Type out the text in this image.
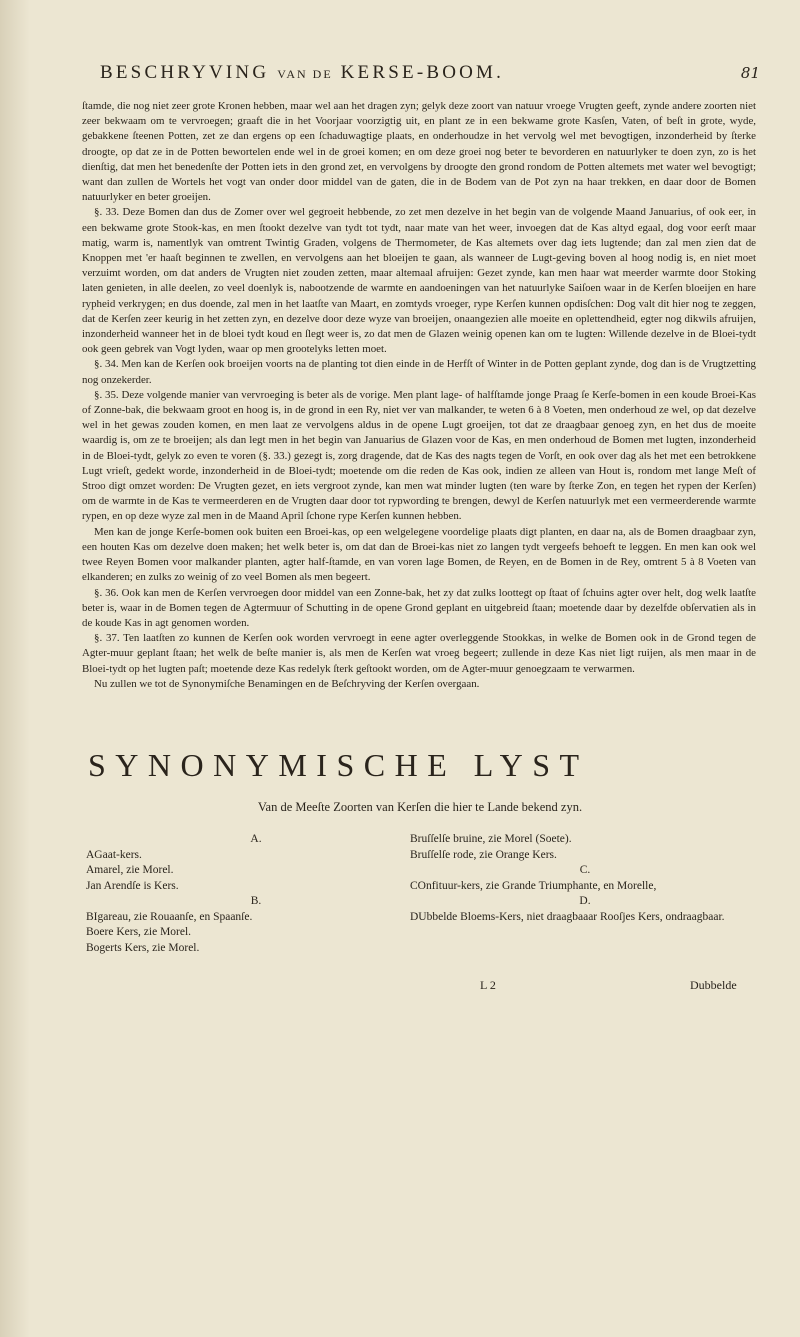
BESCHRYVING VAN DE KERSE-BOOM.	81

ſtamde, die nog niet zeer grote Kronen hebben, maar wel aan het dragen zyn; gelyk deze zoort van natuur vroege Vrugten geeft, zynde andere zoorten niet zeer bekwaam om te vervroegen; graaft die in het Voorjaar voorzigtig uit, en plant ze in een bekwame grote Kasſen, Vaten, of beſt in grote, wyde, gebakkene ſteenen Potten, zet ze dan ergens op een ſchaduwagtige plaats, en onderhoudze in het vervolg wel met bevogtigen, inzonderheid by ſterke droogte, op dat ze in de Potten bewortelen ende wel in de groei komen; en om deze groei nog beter te bevorderen en natuurlyker te doen zyn, zo is het dienſtig, dat men het benedenſte der Potten iets in den grond zet, en vervolgens by droogte den grond rondom de Potten altemets met water wel bevogtigt; want dan zullen de Wortels het vogt van onder door middel van de gaten, die in de Bodem van de Pot zyn na haar trekken, en daar door de Bomen natuurlyker en beter groeijen.

§. 33. Deze Bomen dan dus de Zomer over wel gegroeit hebbende, zo zet men dezelve in het begin van de volgende Maand Januarius, of ook eer, in een bekwame grote Stook-kas, en men ſtookt dezelve van tydt tot tydt, naar mate van het weer, invoegen dat de Kas altyd egaal, dog voor eerſt maar matig, warm is, namentlyk van omtrent Twintig Graden, volgens de Thermometer, de Kas altemets over dag iets lugtende; dan zal men zien dat de Knoppen met 'er haaſt beginnen te zwellen, en vervolgens aan het bloeijen te gaan, als wanneer de Lugt-geving boven al hoog nodig is, en niet moet verzuimt worden, om dat anders de Vrugten niet zouden zetten, maar altemaal afruijen: Gezet zynde, kan men haar wat meerder warmte door Stoking laten genieten, in alle deelen, zo veel doenlyk is, nabootzende de warmte en aandoeningen van het natuurlyke Saiſoen waar in de Kerſen bloeijen en hare rypheid verkrygen; en dus doende, zal men in het laatſte van Maart, en zomtyds vroeger, rype Kerſen kunnen opdisſchen: Dog valt dit hier nog te zeggen, dat de Kerſen zeer keurig in het zetten zyn, en dezelve door deze wyze van broeijen, onaangezien alle moeite en oplettendheid, egter nog dikwils afruijen, inzonderheid wanneer het in de bloei tydt koud en ſlegt weer is, zo dat men de Glazen weinig openen kan om te lugten: Willende dezelve in de Bloei-tydt ook geen gebrek van Vogt lyden, waar op men grootelyks letten moet.

§. 34. Men kan de Kerſen ook broeijen voorts na de planting tot dien einde in de Herfſt of Winter in de Potten geplant zynde, dog dan is de Vrugtzetting nog onzekerder.

§. 35. Deze volgende manier van vervroeging is beter als de vorige. Men plant lage- of halfſtamde jonge Praag ſe Kerſe-bomen in een koude Broei-Kas of Zonne-bak, die bekwaam groot en hoog is, in de grond in een Ry, niet ver van malkander, te weten 6 à 8 Voeten, men onderhoud ze wel, op dat dezelve wel in het gewas zouden komen, en men laat ze vervolgens aldus in de opene Lugt groeijen, tot dat ze draagbaar genoeg zyn, en het dus de moeite waardig is, om ze te broeijen; als dan legt men in het begin van Januarius de Glazen voor de Kas, en men onderhoud de Bomen met lugten, inzonderheid in de Bloei-tydt, gelyk zo even te voren (§. 33.) gezegt is, zorg dragende, dat de Kas des nagts tegen de Vorſt, en ook over dag als het met een betrokkene Lugt vrieſt, gedekt worde, inzonderheid in de Bloei-tydt; moetende om die reden de Kas ook, indien ze alleen van Hout is, rondom met lange Meſt of Stroo digt omzet worden: De Vrugten gezet, en iets vergroot zynde, kan men wat minder lugten (ten ware by ſterke Zon, en tegen het rypen der Kerſen) om de warmte in de Kas te vermeerderen en de Vrugten daar door tot rypwording te brengen, dewyl de Kerſen natuurlyk met een vermeerderende warmte rypen, en op deze wyze zal men in de Maand April ſchone rype Kerſen kunnen hebben.

Men kan de jonge Kerſe-bomen ook buiten een Broei-kas, op een welgelegene voordelige plaats digt planten, en daar na, als de Bomen draagbaar zyn, een houten Kas om dezelve doen maken; het welk beter is, om dat dan de Broei-kas niet zo langen tydt vergeefs behoeft te leggen. En men kan ook wel twee Reyen Bomen voor malkander planten, agter half-ſtamde, en van voren lage Bomen, de Reyen, en de Bomen in de Rey, omtrent 5 à 8 Voeten van elkanderen; en zulks zo weinig of zo veel Bomen als men begeert.

§. 36. Ook kan men de Kerſen vervroegen door middel van een Zonne-bak, het zy dat zulks loottegt op ſtaat of ſchuins agter over helt, dog welk laatſte beter is, waar in de Bomen tegen de Agtermuur of Schutting in de opene Grond geplant en uitgebreid ſtaan; moetende daar by dezelfde obſervatien als in de koude Kas in agt genomen worden.

§. 37. Ten laatſten zo kunnen de Kerſen ook worden vervroegt in eene agter overleggende Stookkas, in welke de Bomen ook in de Grond tegen de Agter-muur geplant ſtaan; het welk de beſte manier is, als men de Kerſen wat vroeg begeert; zullende in deze Kas niet ligt ruijen, als men maar in de Bloei-tydt op het lugten paſt; moetende deze Kas redelyk ſterk geſtookt worden, om de Agter-muur genoegzaam te verwarmen.

Nu zullen we tot de Synonymiſche Benamingen en de Beſchryving der Kerſen overgaan.

SYNONYMISCHE LYST
Van de Meeſte Zoorten van Kerſen die hier te Lande bekend zyn.
A.
AGaat-kers.
Amarel, zie Morel.
Jan Arendſe is Kers.
B.
BIgareau, zie Rouaanſe, en Spaanſe.
Boere Kers, zie Morel.
Bogerts Kers, zie Morel.
Bruſſelſe bruine, zie Morel (Soete).
Bruſſelſe rode, zie Orange Kers.
C.
COnfituur-kers, zie Grande Triumphante, en Morelle,
D.
DUbbelde Bloems-Kers, niet draagbaaar Rooſjes Kers, ondraagbaar.
L 2	Dubbelde
